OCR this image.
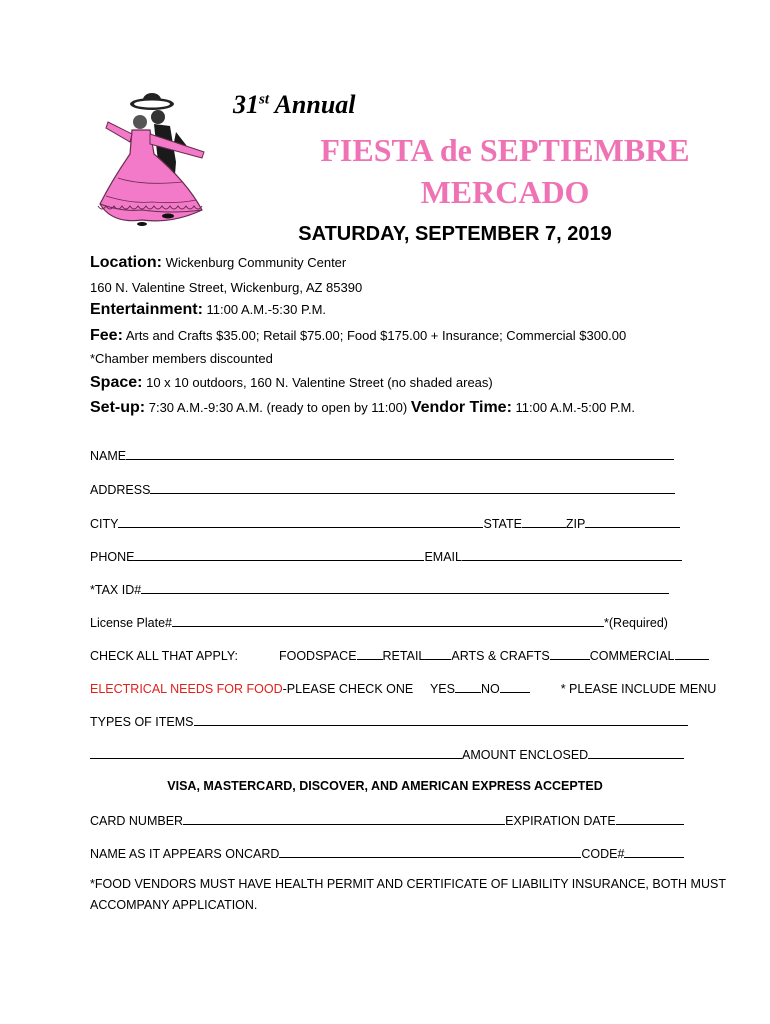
31st Annual
FIESTA de SEPTIEMBRE
MERCADO
SATURDAY, SEPTEMBER 7, 2019
Location: Wickenburg Community Center
160 N. Valentine Street, Wickenburg, AZ 85390
Entertainment: 11:00 A.M.-5:30 P.M.
Fee: Arts and Crafts $35.00; Retail $75.00; Food $175.00 + Insurance; Commercial $300.00
*Chamber members discounted
Space: 10 x 10 outdoors, 160 N. Valentine Street (no shaded areas)
Set-up: 7:30 A.M.-9:30 A.M. (ready to open by 11:00) Vendor Time: 11:00 A.M.-5:00 P.M.
NAME
ADDRESS
CITY	STATE	ZIP
PHONE	EMAIL
*TAX ID#
License Plate#	*(Required)
CHECK ALL THAT APPLY:	FOODSPACE RETAIL ARTS & CRAFTS	COMMERCIAL
ELECTRICAL NEEDS FOR FOOD-PLEASE CHECK ONE YES NO	* PLEASE INCLUDE MENU
TYPES OF ITEMS
AMOUNT ENCLOSED
VISA, MASTERCARD, DISCOVER, AND AMERICAN EXPRESS ACCEPTED
CARD NUMBER	EXPIRATION DATE
NAME AS IT APPEARS ONCARD	CODE#
*FOOD VENDORS MUST HAVE HEALTH PERMIT AND CERTIFICATE OF LIABILITY INSURANCE, BOTH MUST
ACCOMPANY APPLICATION.
